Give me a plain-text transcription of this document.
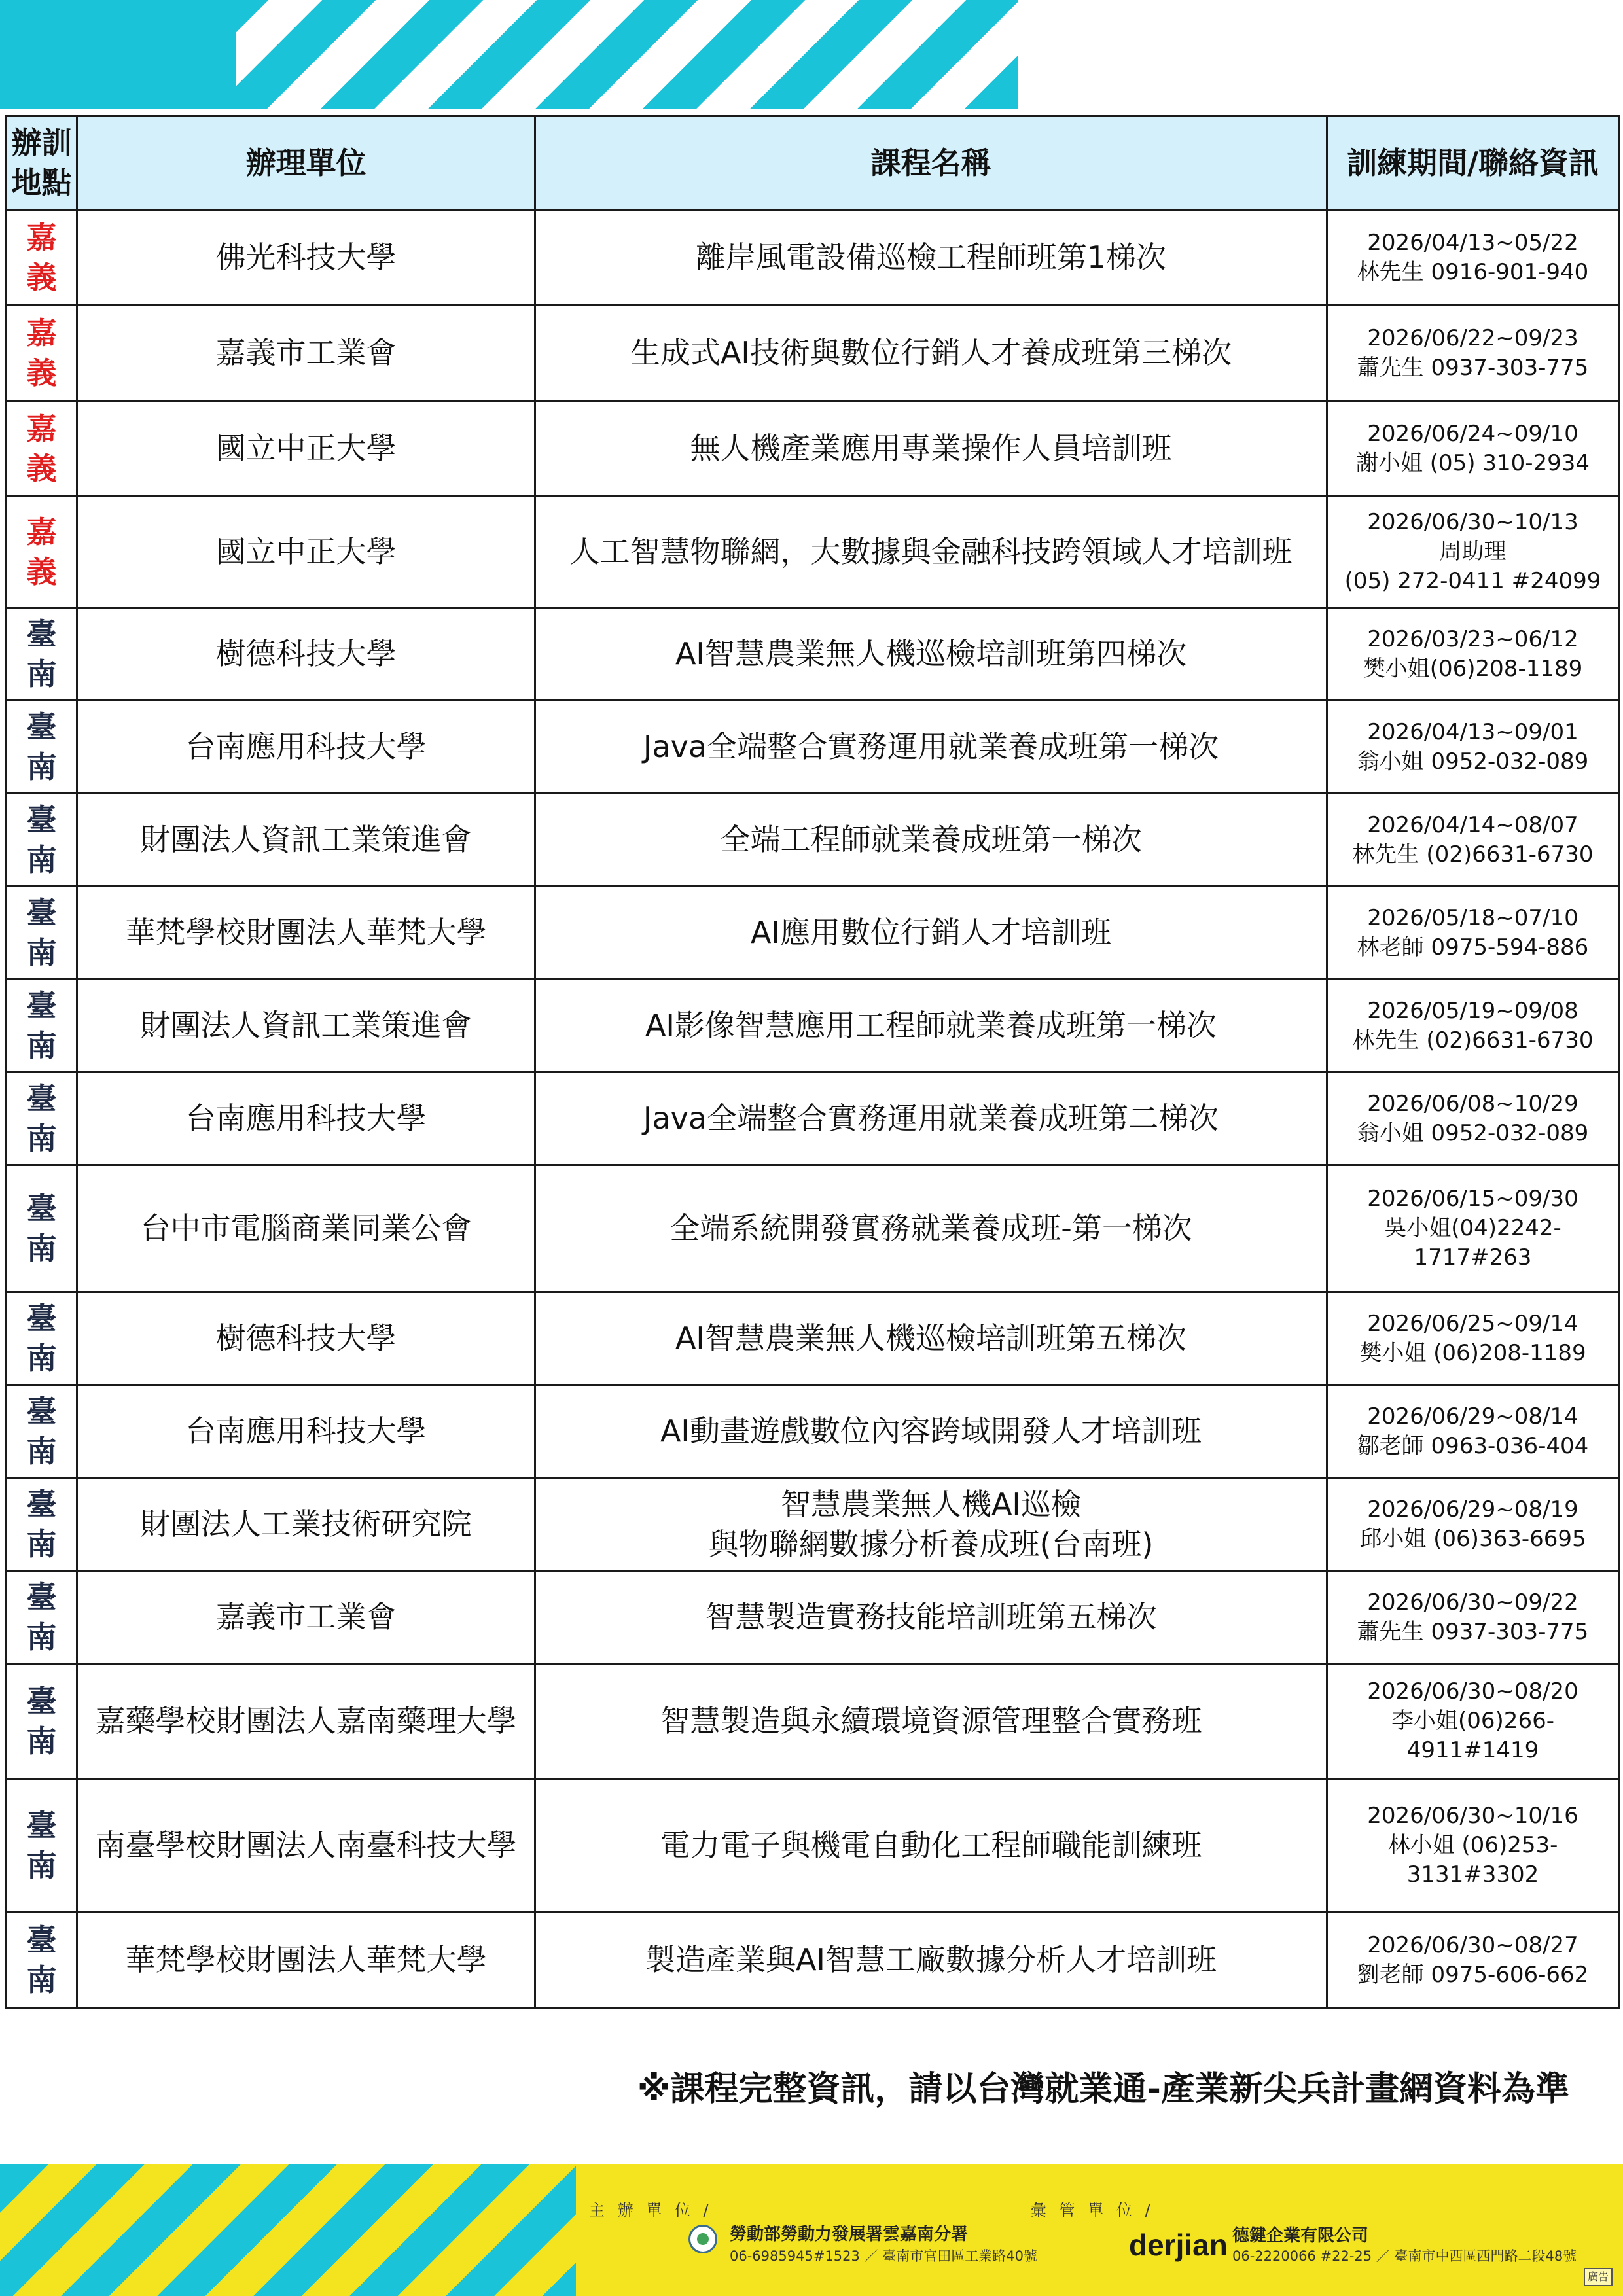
辦訓
地點	辦理單位	課程名稱	訓練期間/聯絡資訊

嘉
義	佛光科技大學	離岸風電設備巡檢工程師班第1梯次	2026/04/13~05/22
林先生 0916-901-940

嘉
義	嘉義市工業會	生成式AI技術與數位行銷人才養成班第三梯次	2026/06/22~09/23
蕭先生 0937-303-775

嘉
義	國立中正大學	無人機產業應用專業操作人員培訓班	2026/06/24~09/10
謝小姐 (05) 310-2934

嘉
義	國立中正大學	人工智慧物聯網，大數據與金融科技跨領域人才培訓班	2026/06/30~10/13
周助理
(05) 272-0411 #24099

臺
南	樹德科技大學	AI智慧農業無人機巡檢培訓班第四梯次	2026/03/23~06/12
樊小姐(06)208-1189

臺
南	台南應用科技大學	Java全端整合實務運用就業養成班第一梯次	2026/04/13~09/01
翁小姐 0952-032-089

臺
南	財團法人資訊工業策進會	全端工程師就業養成班第一梯次	2026/04/14~08/07
林先生 (02)6631-6730

臺
南	華梵學校財團法人華梵大學	AI應用數位行銷人才培訓班	2026/05/18~07/10
林老師 0975-594-886

臺
南	財團法人資訊工業策進會	AI影像智慧應用工程師就業養成班第一梯次	2026/05/19~09/08
林先生 (02)6631-6730

臺
南	台南應用科技大學	Java全端整合實務運用就業養成班第二梯次	2026/06/08~10/29
翁小姐 0952-032-089

臺
南	台中市電腦商業同業公會	全端系統開發實務就業養成班-第一梯次	2026/06/15~09/30
吳小姐(04)2242-
1717#263

臺
南	樹德科技大學	AI智慧農業無人機巡檢培訓班第五梯次	2026/06/25~09/14
樊小姐 (06)208-1189

臺
南	台南應用科技大學	AI動畫遊戲數位內容跨域開發人才培訓班	2026/06/29~08/14
鄒老師 0963-036-404

臺
南	財團法人工業技術研究院	智慧農業無人機AI巡檢
與物聯網數據分析養成班(台南班)	2026/06/29~08/19
邱小姐 (06)363-6695

臺
南	嘉義市工業會	智慧製造實務技能培訓班第五梯次	2026/06/30~09/22
蕭先生 0937-303-775

臺
南	嘉藥學校財團法人嘉南藥理大學	智慧製造與永續環境資源管理整合實務班	2026/06/30~08/20
李小姐(06)266-
4911#1419

臺
南	南臺學校財團法人南臺科技大學	電力電子與機電自動化工程師職能訓練班	2026/06/30~10/16
林小姐 (06)253-
3131#3302

臺
南	華梵學校財團法人華梵大學	製造產業與AI智慧工廠數據分析人才培訓班	2026/06/30~08/27
劉老師 0975-606-662
※課程完整資訊，請以台灣就業通-產業新尖兵計畫網資料為準
主 辦 單 位 /
勞動部勞動力發展署雲嘉南分署
06-6985945#1523 ／ 臺南市官田區工業路40號
彙 管 單 位 /
derjian 德鍵企業有限公司
06-2220066 #22-25 ／ 臺南市中西區西門路二段48號
廣告
